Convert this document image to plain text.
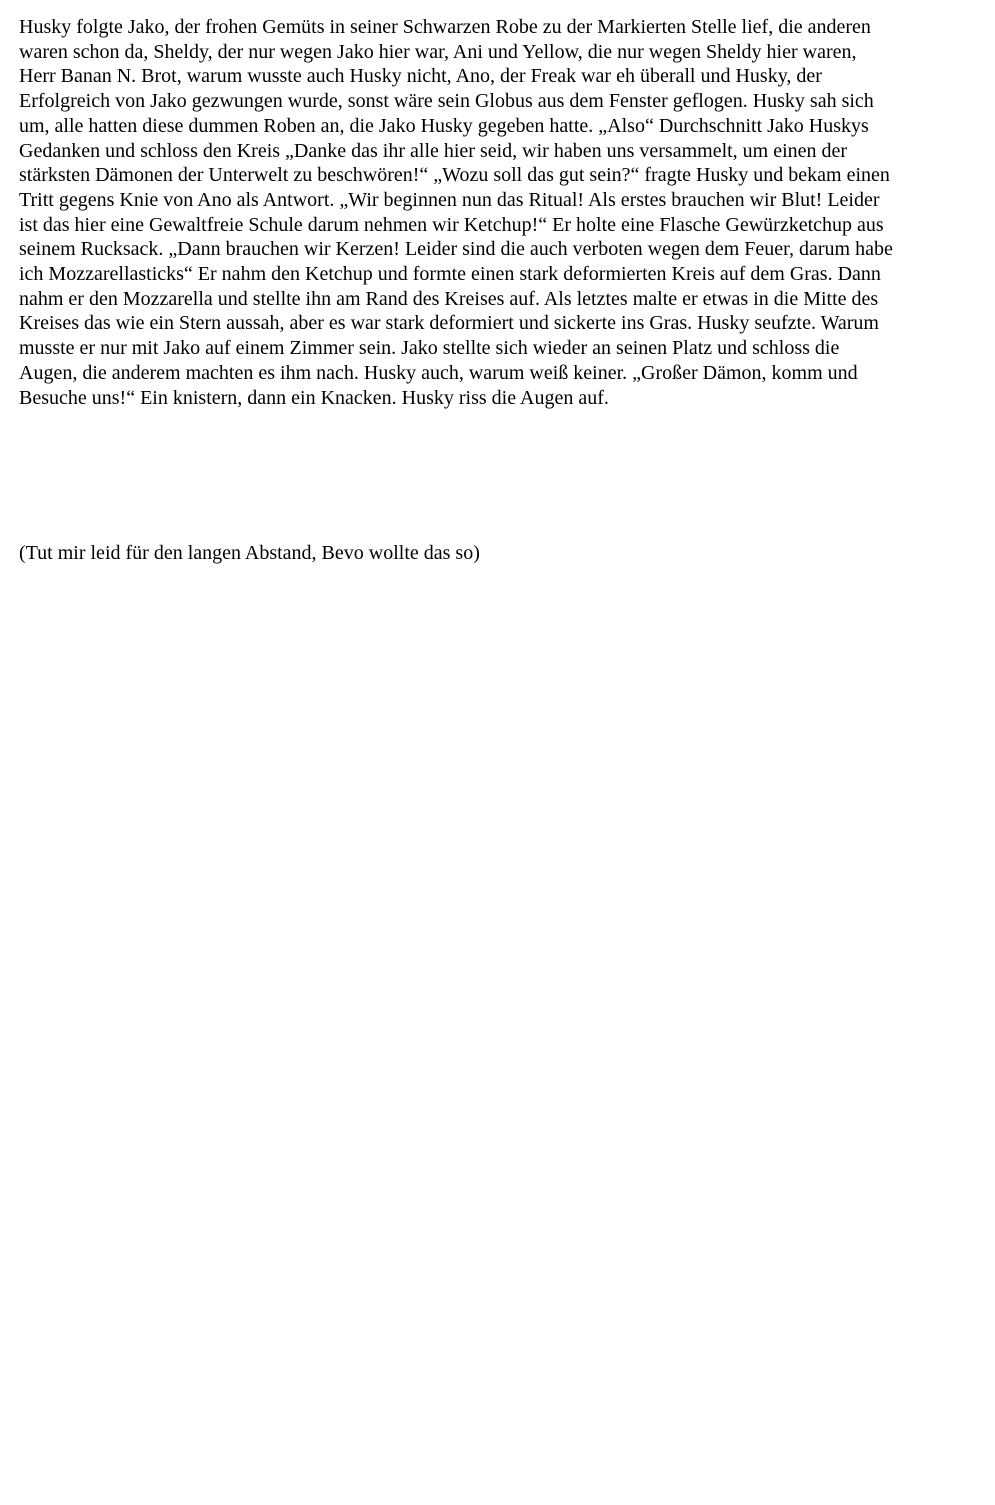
Husky folgte Jako, der frohen Gemüts in seiner Schwarzen Robe zu der Markierten Stelle lief, die anderen
waren schon da, Sheldy, der nur wegen Jako hier war, Ani und Yellow, die nur wegen Sheldy hier waren,
Herr Banan N. Brot, warum wusste auch Husky nicht, Ano, der Freak war eh überall und Husky, der
Erfolgreich von Jako gezwungen wurde, sonst wäre sein Globus aus dem Fenster geflogen. Husky sah sich
um, alle hatten diese dummen Roben an, die Jako Husky gegeben hatte. „Also“ Durchschnitt Jako Huskys
Gedanken und schloss den Kreis „Danke das ihr alle hier seid, wir haben uns versammelt, um einen der
stärksten Dämonen der Unterwelt zu beschwören!“ „Wozu soll das gut sein?“ fragte Husky und bekam einen
Tritt gegens Knie von Ano als Antwort. „Wir beginnen nun das Ritual! Als erstes brauchen wir Blut! Leider
ist das hier eine Gewaltfreie Schule darum nehmen wir Ketchup!“ Er holte eine Flasche Gewürzketchup aus
seinem Rucksack. „Dann brauchen wir Kerzen! Leider sind die auch verboten wegen dem Feuer, darum habe
ich Mozzarellasticks“ Er nahm den Ketchup und formte einen stark deformierten Kreis auf dem Gras. Dann
nahm er den Mozzarella und stellte ihn am Rand des Kreises auf. Als letztes malte er etwas in die Mitte des
Kreises das wie ein Stern aussah, aber es war stark deformiert und sickerte ins Gras. Husky seufzte. Warum
musste er nur mit Jako auf einem Zimmer sein. Jako stellte sich wieder an seinen Platz und schloss die
Augen, die anderem machten es ihm nach. Husky auch, warum weiß keiner. „Großer Dämon, komm und
Besuche uns!“ Ein knistern, dann ein Knacken. Husky riss die Augen auf.
(Tut mir leid für den langen Abstand, Bevo wollte das so)
